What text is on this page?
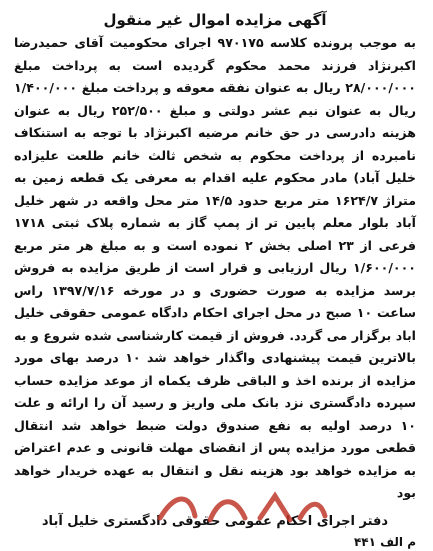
آگهی مزایده اموال غیر منقول

به موجب پرونده کلاسه ۹۷۰۱۷۵ اجرای محکومیت آقای حمیدرضا اکبرنژاد فرزند محمد محکوم گردیده است به پرداخت مبلغ ۲۸/۰۰۰/۰۰۰ ریال به عنوان نفقه معوقه و پرداخت مبلغ ۱/۴۰۰/۰۰۰ ریال به عنوان نیم عشر دولتی و مبلغ ۲۵۲/۵۰۰ ریال به عنوان هزینه دادرسی در حق خانم مرضیه اکبرنژاد با توجه به استنکاف نامبرده از پرداخت محکوم به شخص ثالث خانم طلعت علیزاده خلیل آباد) مادر محکوم علیه اقدام به معرفی یک قطعه زمین به متراژ ۱۶۲۴/۷ متر مربع حدود ۱۴/۵ متر محل واقعه در شهر خلیل آباد بلوار معلم پایین تر از پمپ گاز به شماره پلاک ثبتی ۱۷۱۸ فرعی از ۲۳ اصلی بخش ۲ نموده است و به مبلغ هر متر مربع ۱/۶۰۰/۰۰۰ ریال ارزیابی و قرار است از طریق مزایده به فروش برسد مزایده به صورت حضوری و در مورخه ۱۳۹۷/۷/۱۶ راس ساعت ۱۰ صبح در محل اجرای احکام دادگاه عمومی حقوقی خلیل اباد برگزار می گردد. فروش از قیمت کارشناسی شده شروع و به بالاترین قیمت پیشنهادی واگذار خواهد شد ۱۰ درصد بهای مورد مزایده از برنده اخذ و الباقی ظرف یکماه از موعد مزایده حساب سپرده دادگستری نزد بانک ملی واریز و رسید آن را ارائه و علت ۱۰ درصد اولیه به نفع صندوق دولت ضبط خواهد شد انتقال قطعی مورد مزایده پس از انقضای مهلت قانونی و عدم اعتراض به مزایده خواهد بود هزینه نقل و انتقال به عهده خریدار خواهد بود

دفتر اجرای احکام عمومی حقوقی دادگستری خلیل آباد
م الف ۴۴۱
